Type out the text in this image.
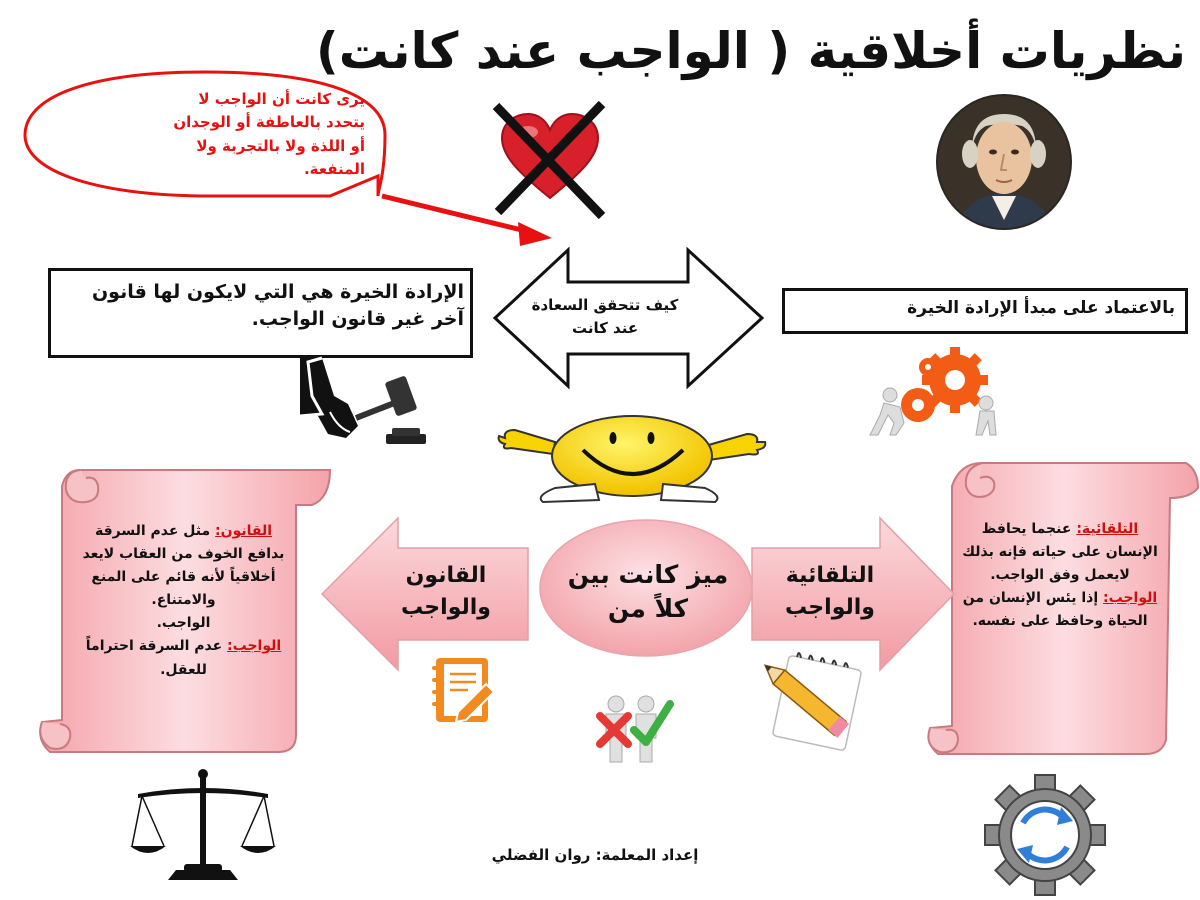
نظريات أخلاقية ( الواجب عند كانت)
يرى كانت أن الواجب لا يتحدد بالعاطفة أو الوجدان أو اللذة ولا بالتجربة ولا المنفعة.
الإرادة الخيرة هي التي لايكون لها قانون آخر غير قانون الواجب.	بالاعتماد على مبدأ الإرادة الخيرة
كيف تتحقق السعادة عند كانت
القانون والواجب
التلقائية والواجب
ميز كانت بين كلاً من
القانون: مثل عدم السرقة بدافع الخوف من العقاب لايعد أخلاقياً لأنه قائم على المنع والامتناع.
الواجب.
الواجب: عدم السرقة احتراماً للعقل.
التلقائية: عنجما يحافظ الإنسان على حياته فإنه بذلك لايعمل وفق الواجب.
الواجب: إذا يئس الإنسان من الحياة وحافظ على نفسه.
إعداد المعلمة: روان الفضلي
